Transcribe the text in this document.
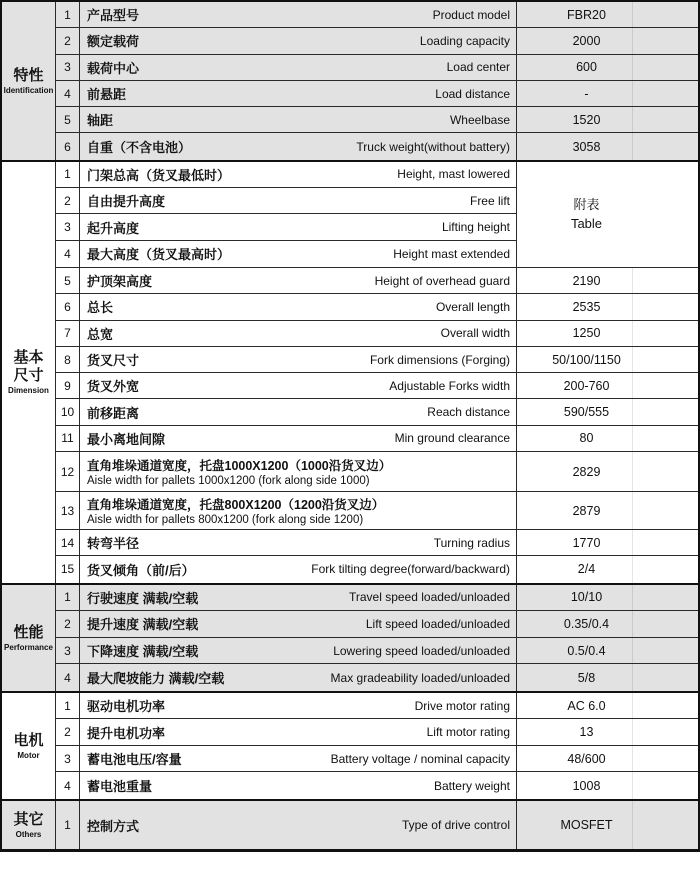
特性
Identification
1	产品型号	Product model	FBR20
2	额定载荷	Loading capacity	2000
3	载荷中心	Load center	600
4	前悬距	Load distance	-
5	轴距	Wheelbase	1520
6	自重（不含电池）	Truck weight(without battery)	3058
基本尺寸
Dimension
1	门架总高（货叉最低时）	Height, mast lowered
2	自由提升高度	Free lift
3	起升高度	Lifting height
4	最大高度（货叉最高时）	Height mast extended
附表
Table
5	护顶架高度	Height of overhead guard	2190
6	总长	Overall length	2535
7	总宽	Overall width	1250
8	货叉尺寸	Fork dimensions (Forging)	50/100/1150
9	货叉外宽	Adjustable Forks width	200-760
10 前移距离	Reach distance	590/555
11	最小离地间隙	Min ground clearance	80
12	直角堆垛通道宽度，托盘1000X1200（1000沿货叉边）
Aisle width for pallets 1000x1200 (fork along side 1000)
2829
13	直角堆垛通道宽度，托盘800X1200（1200沿货叉边）
Aisle width for pallets 800x1200 (fork along side 1200)
2879
14 转弯半径	Turning radius	1770
15 货叉倾角（前/后）	Fork tilting degree(forward/backward)	2/4
性能
Performance
1	行驶速度 满载/空载	Travel speed loaded/unloaded	10/10
2	提升速度 满载/空载	Lift speed loaded/unloaded	0.35/0.4
3	下降速度 满载/空载	Lowering speed loaded/unloaded	0.5/0.4
4	最大爬坡能力 满载/空载	Max gradeability loaded/unloaded	5/8
电机
Motor
1	驱动电机功率	Drive motor rating	AC 6.0
2	提升电机功率	Lift motor rating	13
3	蓄电池电压/容量	Battery voltage / nominal capacity	48/600
4	蓄电池重量	Battery weight	1008
其它
Others
1	控制方式	Type of drive control	MOSFET
